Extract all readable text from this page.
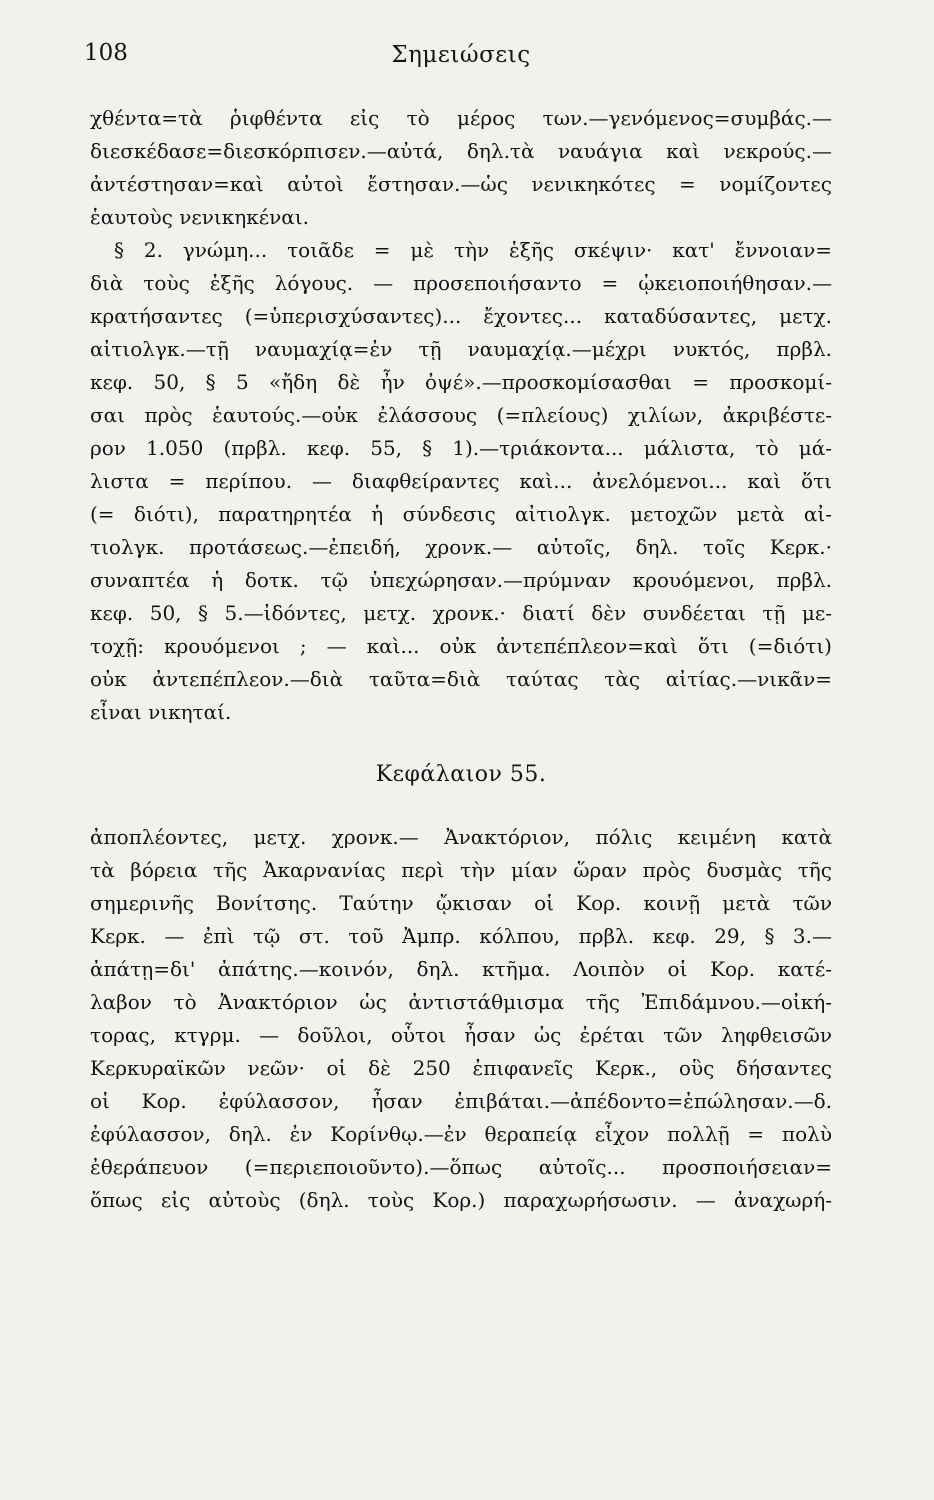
108	Σημειώσεις
χθέντα=τὰ ῥιφθέντα εἰς τὸ μέρος των.—γενόμενος=συμβάς.—
διεσκέδασε=διεσκόρπισεν.—αὐτά, δηλ.τὰ ναυάγια καὶ νεκρούς.—
ἀντέστησαν=καὶ αὐτοὶ ἔστησαν.—ὡς νενικηκότες = νομίζοντες
ἑαυτοὺς νενικηκέναι.
§ 2. γνώμη... τοιᾶδε = μὲ τὴν ἑξῆς σκέψιν· κατ' ἔννοιαν=
διὰ τοὺς ἑξῆς λόγους. — προσεποιήσαντο = ᾠκειοποιήθησαν.—
κρατήσαντες (=ὑπερισχύσαντες)... ἔχοντες... καταδύσαντες, μετχ.
αἰτιολγκ.—τῇ ναυμαχίᾳ=ἐν τῇ ναυμαχίᾳ.—μέχρι νυκτός, πρβλ.
κεφ. 50, § 5 «ἤδη δὲ ἦν ὀψέ».—προσκομίσασθαι = προσκομί-
σαι πρὸς ἑαυτούς.—οὐκ ἐλάσσους (=πλείους) χιλίων, ἀκριβέστε-
ρον 1.050 (πρβλ. κεφ. 55, § 1).—τριάκοντα... μάλιστα, τὸ μά-
λιστα = περίπου. — διαφθείραντες καὶ... ἀνελόμενοι... καὶ ὅτι
(= διότι), παρατηρητέα ἡ σύνδεσις αἰτιολγκ. μετοχῶν μετὰ αἰ-
τιολγκ. προτάσεως.—ἐπειδή, χρονκ.— αὐτοῖς, δηλ. τοῖς Κερκ.·
συναπτέα ἡ δοτκ. τῷ ὑπεχώρησαν.—πρύμναν κρουόμενοι, πρβλ.
κεφ. 50, § 5.—ἰδόντες, μετχ. χρονκ.· διατί δὲν συνδέεται τῇ με-
τοχῇ: κρουόμενοι ; — καὶ... οὐκ ἀντεπέπλεον=καὶ ὅτι (=διότι)
οὐκ ἀντεπέπλεον.—διὰ ταῦτα=διὰ ταύτας τὰς αἰτίας.—νικᾶν=
εἶναι νικηταί.
Κεφάλαιον 55.
ἀποπλέοντες, μετχ. χρονκ.— Ἀνακτόριον, πόλις κειμένη κατὰ
τὰ βόρεια τῆς Ἀκαρνανίας περὶ τὴν μίαν ὥραν πρὸς δυσμὰς τῆς
σημερινῆς Βονίτσης. Ταύτην ᾤκισαν οἱ Κορ. κοινῇ μετὰ τῶν
Κερκ. — ἐπὶ τῷ στ. τοῦ Ἀμπρ. κόλπου, πρβλ. κεφ. 29, § 3.—
ἀπάτῃ=δι' ἀπάτης.—κοινόν, δηλ. κτῆμα. Λοιπὸν οἱ Κορ. κατέ-
λαβον τὸ Ἀνακτόριον ὡς ἀντιστάθμισμα τῆς Ἐπιδάμνου.—οἰκή-
τορας, κτγρμ. — δοῦλοι, οὗτοι ἦσαν ὡς ἐρέται τῶν ληφθεισῶν
Κερκυραϊκῶν νεῶν· οἱ δὲ 250 ἐπιφανεῖς Κερκ., οὓς δήσαντες
οἱ Κορ. ἐφύλασσον, ἦσαν ἐπιβάται.—ἀπέδοντο=ἐπώλησαν.—δ.
ἐφύλασσον, δηλ. ἐν Κορίνθῳ.—ἐν θεραπείᾳ εἶχον πολλῇ = πολὺ
ἐθεράπευον (=περιεποιοῦντο).—ὅπως αὐτοῖς... προσποιήσειαν=
ὅπως εἰς αὐτοὺς (δηλ. τοὺς Κορ.) παραχωρήσωσιν. — ἀναχωρή-
